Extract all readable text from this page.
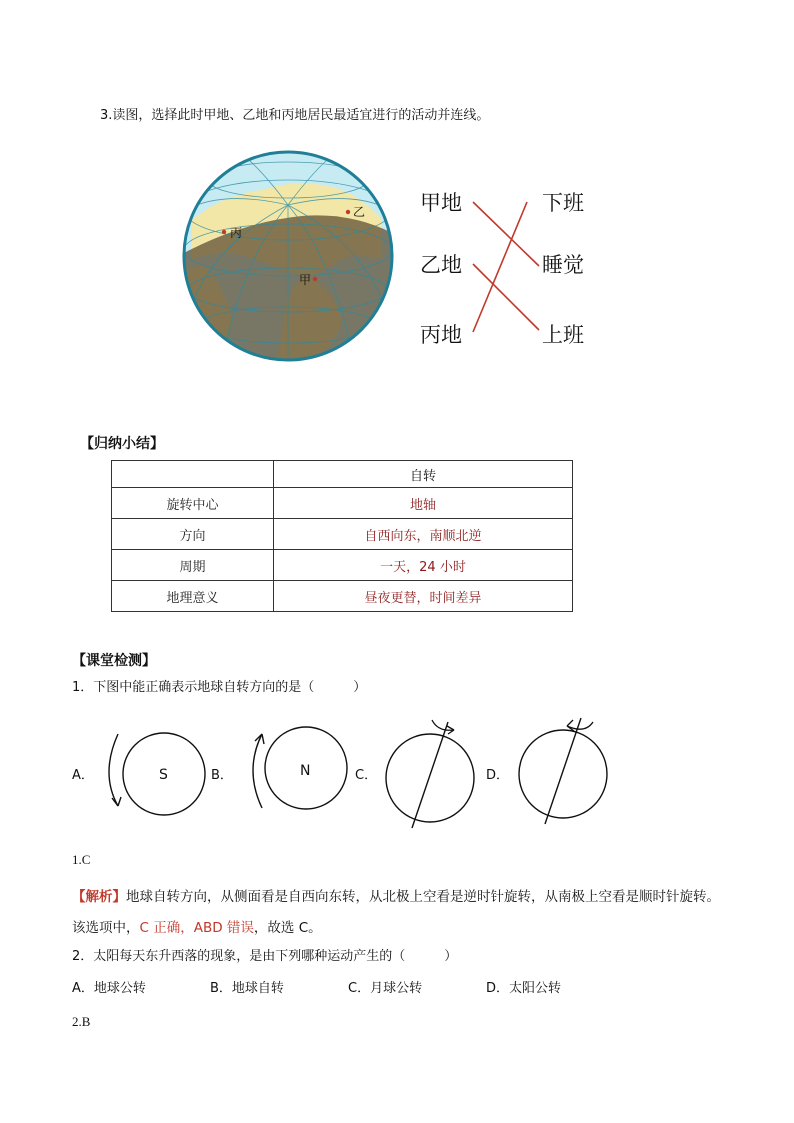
3.读图，选择此时甲地、乙地和丙地居民最适宜进行的活动并连线。
丙
乙
甲
甲地
乙地
丙地
下班
睡觉
上班
【归纳小结】
	自转
旋转中心	地轴
方向	自西向东，南顺北逆
周期	一天，24 小时
地理意义	昼夜更替，时间差异
【课堂检测】
1．下图中能正确表示地球自转方向的是（　　　）
A．	S	B．	N	C．	D．
1.C
【解析】地球自转方向，从侧面看是自西向东转，从北极上空看是逆时针旋转，从南极上空看是顺时针旋转。该选项中，C 正确，ABD 错误，故选 C。
2．太阳每天东升西落的现象，是由下列哪种运动产生的（　　　）
A．地球公转	B．地球自转	C．月球公转	D．太阳公转
2.B
